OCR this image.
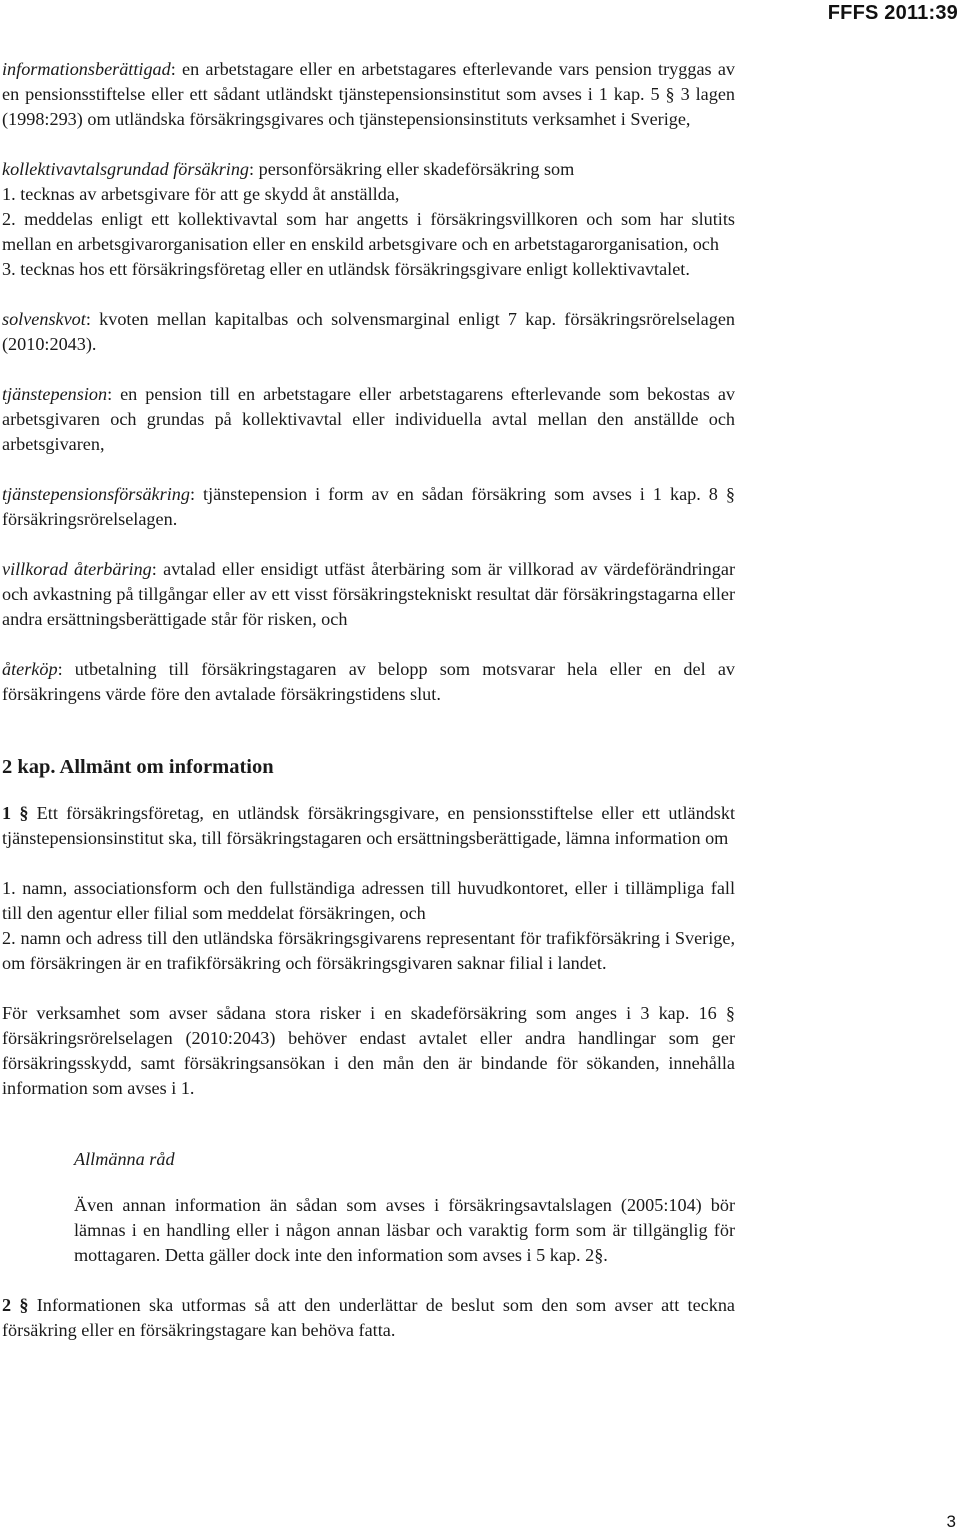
FFFS 2011:39

informationsberättigad: en arbetstagare eller en arbetstagares efterlevande vars pension tryggas av en pensionsstiftelse eller ett sådant utländskt tjänstepensionsinstitut som avses i 1 kap. 5 § 3 lagen (1998:293) om utländska försäkringsgivares och tjänstepensionsinstituts verksamhet i Sverige,

kollektivavtalsgrundad försäkring: personförsäkring eller skadeförsäkring som

1. tecknas av arbetsgivare för att ge skydd åt anställda,

2. meddelas enligt ett kollektivavtal som har angetts i försäkringsvillkoren och som har slutits mellan en arbetsgivarorganisation eller en enskild arbetsgivare och en arbetstagarorganisation, och

3. tecknas hos ett försäkringsföretag eller en utländsk försäkringsgivare enligt kollektivavtalet.

solvenskvot: kvoten mellan kapitalbas och solvensmarginal enligt 7 kap. försäkringsrörelselagen (2010:2043).

tjänstepension: en pension till en arbetstagare eller arbetstagarens efterlevande som bekostas av arbetsgivaren och grundas på kollektivavtal eller individuella avtal mellan den anställde och arbetsgivaren,

tjänstepensionsförsäkring: tjänstepension i form av en sådan försäkring som avses i 1 kap. 8 § försäkringsrörelselagen.

villkorad återbäring: avtalad eller ensidigt utfäst återbäring som är villkorad av värdeförändringar och avkastning på tillgångar eller av ett visst försäkringstekniskt resultat där försäkringstagarna eller andra ersättningsberättigade står för risken, och

återköp: utbetalning till försäkringstagaren av belopp som motsvarar hela eller en del av försäkringens värde före den avtalade försäkringstidens slut.

2 kap. Allmänt om information

1 § Ett försäkringsföretag, en utländsk försäkringsgivare, en pensionsstiftelse eller ett utländskt tjänstepensionsinstitut ska, till försäkringstagaren och ersättningsberättigade, lämna information om

1. namn, associationsform och den fullständiga adressen till huvudkontoret, eller i tillämpliga fall till den agentur eller filial som meddelat försäkringen, och

2. namn och adress till den utländska försäkringsgivarens representant för trafikförsäkring i Sverige, om försäkringen är en trafikförsäkring och försäkringsgivaren saknar filial i landet.

För verksamhet som avser sådana stora risker i en skadeförsäkring som anges i 3 kap. 16 § försäkringsrörelselagen (2010:2043) behöver endast avtalet eller andra handlingar som ger försäkringsskydd, samt försäkringsansökan i den mån den är bindande för sökanden, innehålla information som avses i 1.

Allmänna råd

Även annan information än sådan som avses i försäkringsavtalslagen (2005:104) bör lämnas i en handling eller i någon annan läsbar och varaktig form som är tillgänglig för mottagaren. Detta gäller dock inte den information som avses i 5 kap. 2§.

2 § Informationen ska utformas så att den underlättar de beslut som den som avser att teckna försäkring eller en försäkringstagare kan behöva fatta.

3
